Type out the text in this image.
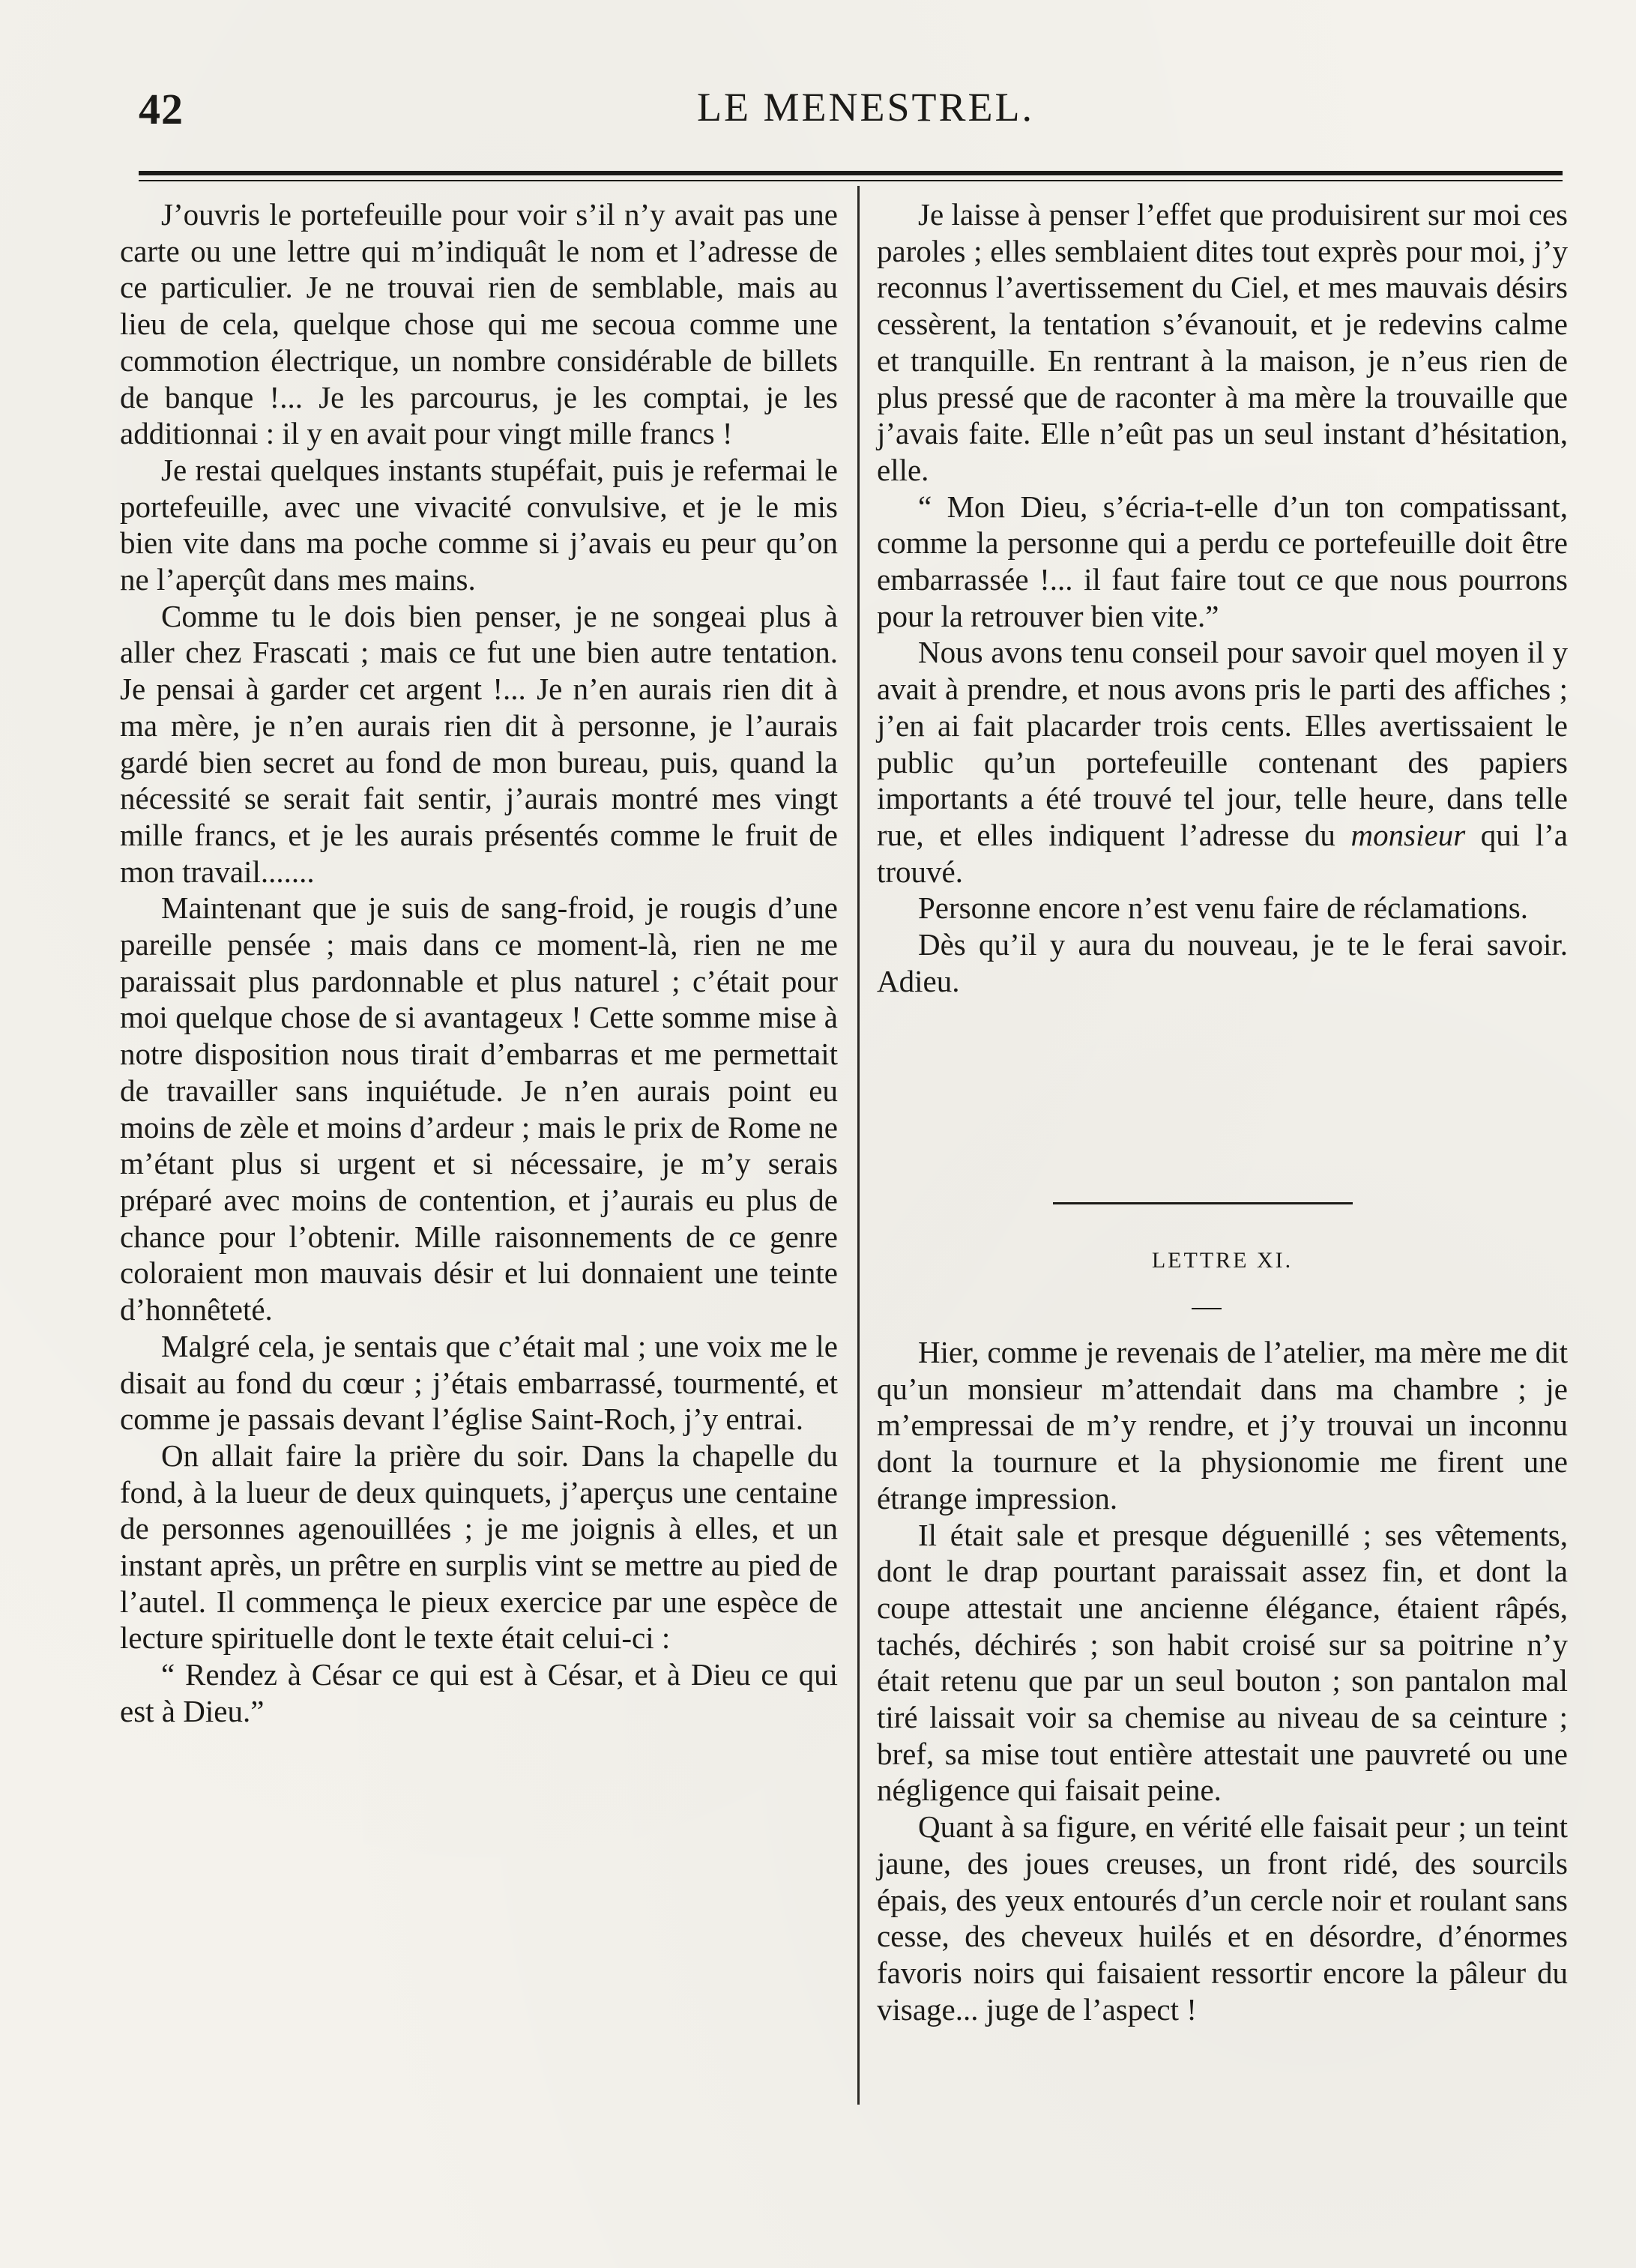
42	LE MENESTREL.

J’ouvris le portefeuille pour voir s’il n’y avait pas une carte ou une lettre qui m’indiquât le nom et l’adresse de ce particulier. Je ne trouvai rien de semblable, mais au lieu de cela, quelque chose qui me secoua comme une commotion électrique, un nombre considérable de billets de banque !... Je les parcourus, je les comptai, je les additionnai : il y en avait pour vingt mille francs !

Je restai quelques instants stupéfait, puis je refermai le portefeuille, avec une vivacité convulsive, et je le mis bien vite dans ma poche comme si j’avais eu peur qu’on ne l’aperçût dans mes mains.

Comme tu le dois bien penser, je ne songeai plus à aller chez Frascati ; mais ce fut une bien autre tentation. Je pensai à garder cet argent !... Je n’en aurais rien dit à ma mère, je n’en aurais rien dit à personne, je l’aurais gardé bien secret au fond de mon bureau, puis, quand la nécessité se serait fait sentir, j’aurais montré mes vingt mille francs, et je les aurais présentés comme le fruit de mon travail.......

Maintenant que je suis de sang-froid, je rougis d’une pareille pensée ; mais dans ce moment-là, rien ne me paraissait plus pardonnable et plus naturel ; c’était pour moi quelque chose de si avantageux ! Cette somme mise à notre disposition nous tirait d’embarras et me permettait de travailler sans inquiétude. Je n’en aurais point eu moins de zèle et moins d’ardeur ; mais le prix de Rome ne m’étant plus si urgent et si nécessaire, je m’y serais préparé avec moins de contention, et j’aurais eu plus de chance pour l’obtenir. Mille raisonnements de ce genre coloraient mon mauvais désir et lui donnaient une teinte d’honnêteté.

Malgré cela, je sentais que c’était mal ; une voix me le disait au fond du cœur ; j’étais embarrassé, tourmenté, et comme je passais devant l’église Saint-Roch, j’y entrai.

On allait faire la prière du soir. Dans la chapelle du fond, à la lueur de deux quinquets, j’aperçus une centaine de personnes agenouillées ; je me joignis à elles, et un instant après, un prêtre en surplis vint se mettre au pied de l’autel. Il commença le pieux exercice par une espèce de lecture spirituelle dont le texte était celui-ci :

“ Rendez à César ce qui est à César, et à Dieu ce qui est à Dieu.”

Je laisse à penser l’effet que produisirent sur moi ces paroles ; elles semblaient dites tout exprès pour moi, j’y reconnus l’avertissement du Ciel, et mes mauvais désirs cessèrent, la tentation s’évanouit, et je redevins calme et tranquille. En rentrant à la maison, je n’eus rien de plus pressé que de raconter à ma mère la trouvaille que j’avais faite. Elle n’eût pas un seul instant d’hésitation, elle.

“ Mon Dieu, s’écria-t-elle d’un ton compatissant, comme la personne qui a perdu ce portefeuille doit être embarrassée !... il faut faire tout ce que nous pourrons pour la retrouver bien vite.”

Nous avons tenu conseil pour savoir quel moyen il y avait à prendre, et nous avons pris le parti des affiches ; j’en ai fait placarder trois cents. Elles avertissaient le public qu’un portefeuille contenant des papiers importants a été trouvé tel jour, telle heure, dans telle rue, et elles indiquent l’adresse du monsieur qui l’a trouvé.

Personne encore n’est venu faire de réclamations.

Dès qu’il y aura du nouveau, je te le ferai savoir. Adieu.

LETTRE XI.

Hier, comme je revenais de l’atelier, ma mère me dit qu’un monsieur m’attendait dans ma chambre ; je m’empressai de m’y rendre, et j’y trouvai un inconnu dont la tournure et la physionomie me firent une étrange impression.

Il était sale et presque déguenillé ; ses vêtements, dont le drap pourtant paraissait assez fin, et dont la coupe attestait une ancienne élégance, étaient râpés, tachés, déchirés ; son habit croisé sur sa poitrine n’y était retenu que par un seul bouton ; son pantalon mal tiré laissait voir sa chemise au niveau de sa ceinture ; bref, sa mise tout entière attestait une pauvreté ou une négligence qui faisait peine.

Quant à sa figure, en vérité elle faisait peur ; un teint jaune, des joues creuses, un front ridé, des sourcils épais, des yeux entourés d’un cercle noir et roulant sans cesse, des cheveux huilés et en désordre, d’énormes favoris noirs qui faisaient ressortir encore la pâleur du visage... juge de l’aspect !
